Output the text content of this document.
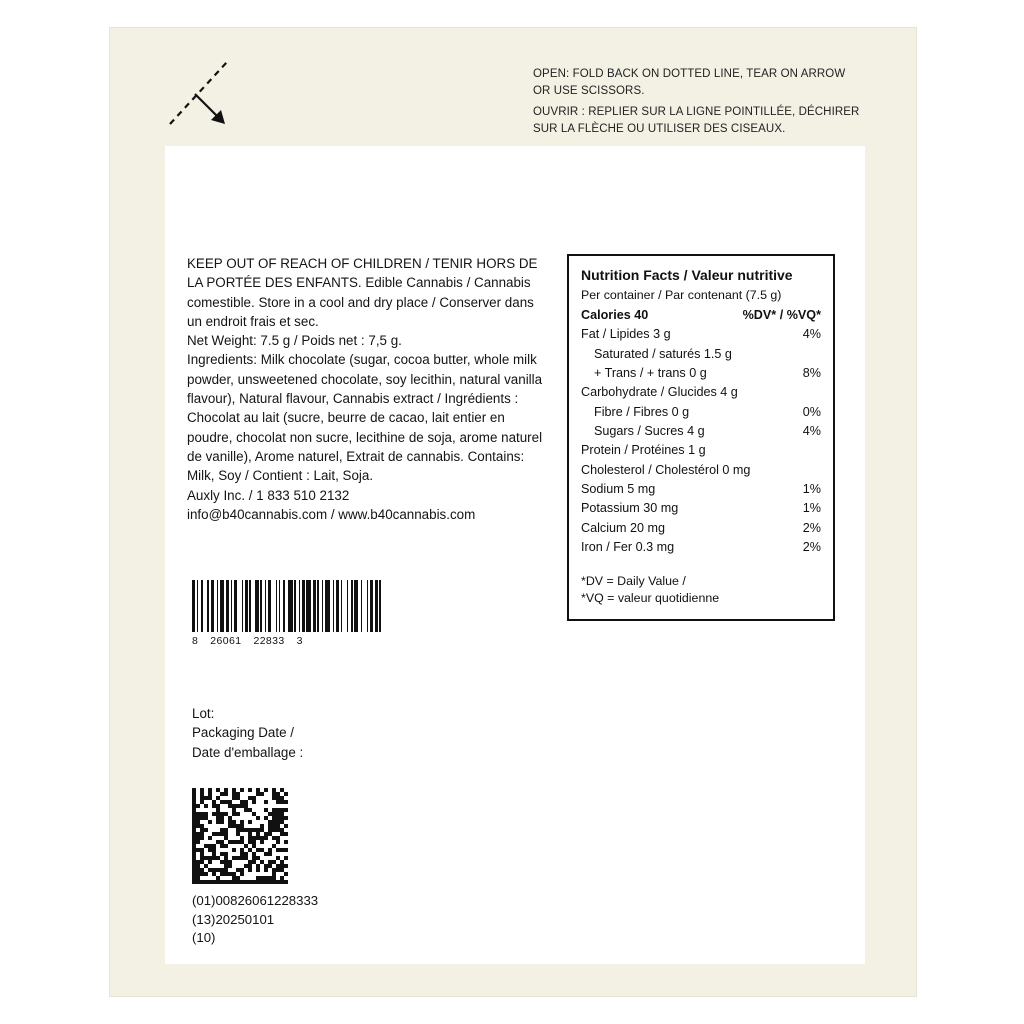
OPEN: FOLD BACK ON DOTTED LINE, TEAR ON ARROW OR USE SCISSORS.
OUVRIR : REPLIER SUR LA LIGNE POINTILLÉE, DÉCHIRER SUR LA FLÈCHE OU UTILISER DES CISEAUX.

KEEP OUT OF REACH OF CHILDREN / TENIR HORS DE LA PORTÉE DES ENFANTS. Edible Cannabis / Cannabis comestible. Store in a cool and dry place / Conserver dans un endroit frais et sec.

Net Weight: 7.5 g / Poids net : 7,5 g.

Ingredients: Milk chocolate (sugar, cocoa butter, whole milk powder, unsweetened chocolate, soy lecithin, natural vanilla flavour), Natural flavour, Cannabis extract / Ingrédients : Chocolat au lait (sucre, beurre de cacao, lait entier en poudre, chocolat non sucre, lecithine de soja, arome naturel de vanille), Arome naturel, Extrait de cannabis. Contains: Milk, Soy / Contient : Lait, Soja.

Auxly Inc. / 1 833 510 2132

info@b40cannabis.com / www.b40cannabis.com

8 26061 22833 3
Lot:
Packaging Date /
Date d'emballage :
(01)00826061228333
(13)20250101
(10)
Nutrition Facts / Valeur nutritive
Per container / Par contenant (7.5 g)
Calories 40	%DV* / %VQ*
Fat / Lipides 3 g	4%
Saturated / saturés 1.5 g
+ Trans / + trans 0 g	8%
Carbohydrate / Glucides 4 g
Fibre / Fibres 0 g	0%
Sugars / Sucres 4 g	4%
Protein / Protéines 1 g
Cholesterol / Cholestérol 0 mg
Sodium 5 mg	1%
Potassium 30 mg	1%
Calcium 20 mg	2%
Iron / Fer 0.3 mg	2%
*DV = Daily Value /
*VQ = valeur quotidienne
